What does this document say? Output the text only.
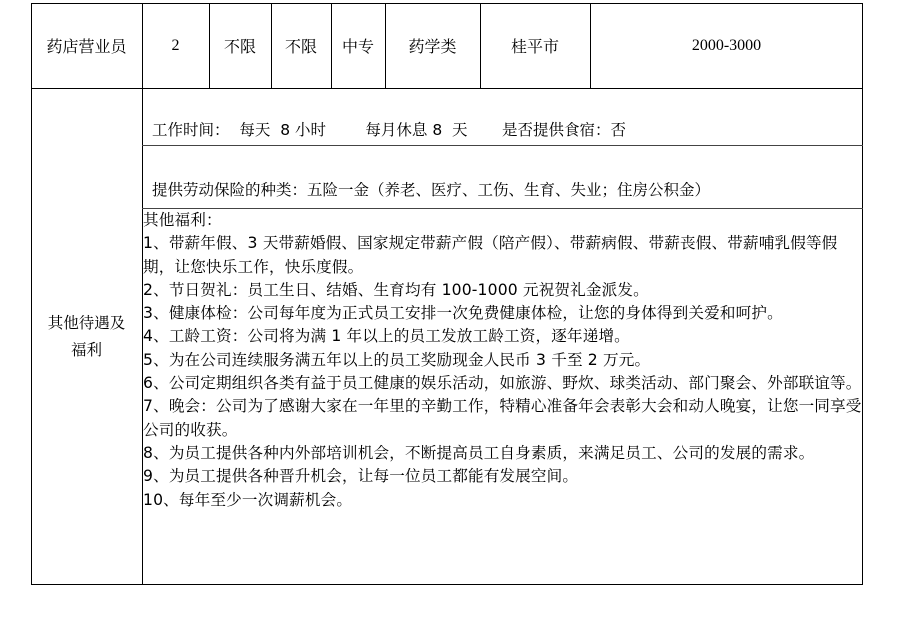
药店营业员	2	不限	不限	中专	药学类	桂平市	2000-3000
其他待遇及
福利
工作时间：  每天  8 小时        每月休息 8  天       是否提供食宿：否
提供劳动保险的种类：五险一金（养老、医疗、工伤、生育、失业；住房公积金）
其他福利：
1、带薪年假、3 天带薪婚假、国家规定带薪产假（陪产假）、带薪病假、带薪丧假、带薪哺乳假等假期，让您快乐工作，快乐度假。
2、节日贺礼：员工生日、结婚、生育均有 100-1000 元祝贺礼金派发。
3、健康体检：公司每年度为正式员工安排一次免费健康体检，让您的身体得到关爱和呵护。
4、工龄工资：公司将为满 1 年以上的员工发放工龄工资，逐年递增。
5、为在公司连续服务满五年以上的员工奖励现金人民币 3 千至 2 万元。
6、公司定期组织各类有益于员工健康的娱乐活动，如旅游、野炊、球类活动、部门聚会、外部联谊等。
7、晚会：公司为了感谢大家在一年里的辛勤工作，特精心准备年会表彰大会和动人晚宴，让您一同享受公司的收获。
8、为员工提供各种内外部培训机会，不断提高员工自身素质，来满足员工、公司的发展的需求。
9、为员工提供各种晋升机会，让每一位员工都能有发展空间。
10、每年至少一次调薪机会。
